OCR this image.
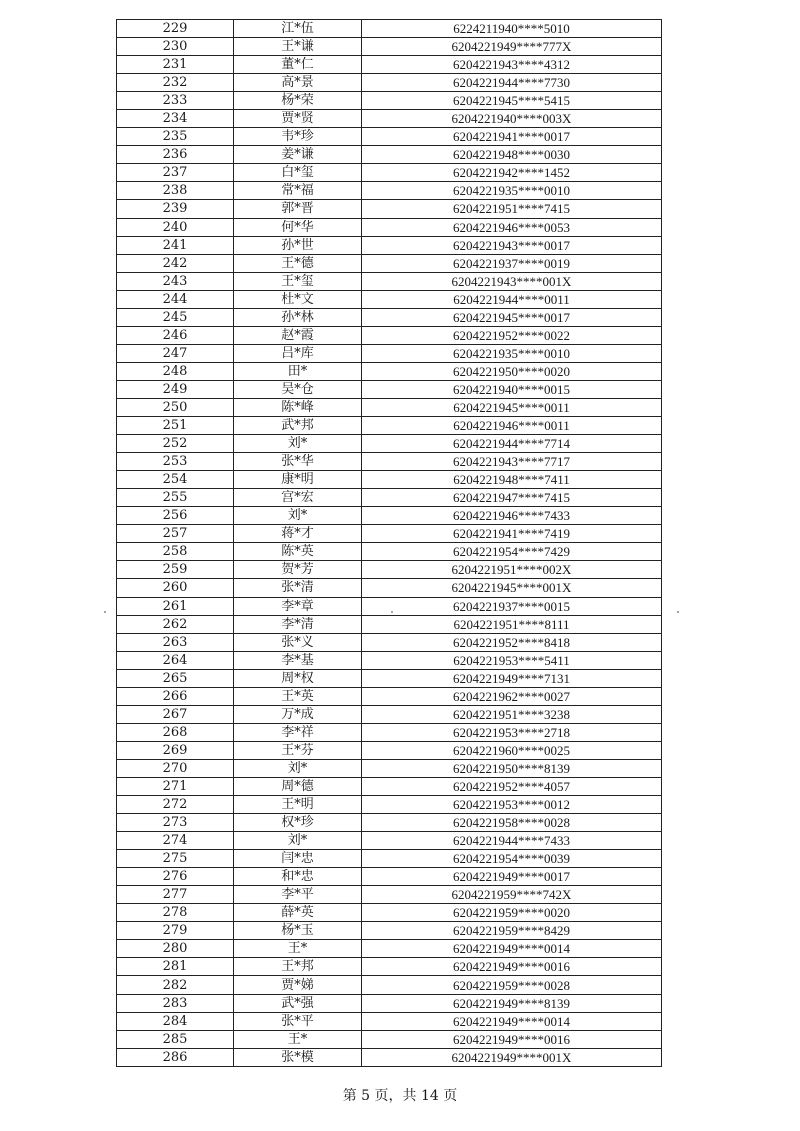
229	江*伍	6224211940****5010
230	王*谦	6204221949****777X
231	董*仁	6204221943****4312
232	高*景	6204221944****7730
233	杨*荣	6204221945****5415
234	贾*贤	6204221940****003X
235	韦*珍	6204221941****0017
236	姜*谦	6204221948****0030
237	白*玺	6204221942****1452
238	常*福	6204221935****0010
239	郭*晋	6204221951****7415
240	何*华	6204221946****0053
241	孙*世	6204221943****0017
242	王*德	6204221937****0019
243	王*玺	6204221943****001X
244	杜*文	6204221944****0011
245	孙*林	6204221945****0017
246	赵*霞	6204221952****0022
247	吕*库	6204221935****0010
248	田*	6204221950****0020
249	吴*仓	6204221940****0015
250	陈*峰	6204221945****0011
251	武*邦	6204221946****0011
252	刘*	6204221944****7714
253	张*华	6204221943****7717
254	康*明	6204221948****7411
255	宫*宏	6204221947****7415
256	刘*	6204221946****7433
257	蒋*才	6204221941****7419
258	陈*英	6204221954****7429
259	贺*芳	6204221951****002X
260	张*清	6204221945****001X
261	李*章	6204221937****0015
262	李*清	6204221951****8111
263	张*义	6204221952****8418
264	李*基	6204221953****5411
265	周*权	6204221949****7131
266	王*英	6204221962****0027
267	万*成	6204221951****3238
268	李*祥	6204221953****2718
269	王*芬	6204221960****0025
270	刘*	6204221950****8139
271	周*德	6204221952****4057
272	王*明	6204221953****0012
273	权*珍	6204221958****0028
274	刘*	6204221944****7433
275	闫*忠	6204221954****0039
276	和*忠	6204221949****0017
277	李*平	6204221959****742X
278	薛*英	6204221959****0020
279	杨*玉	6204221959****8429
280	王*	6204221949****0014
281	王*邦	6204221949****0016
282	贾*娣	6204221959****0028
283	武*强	6204221949****8139
284	张*平	6204221949****0014
285	王*	6204221949****0016
286	张*模	6204221949****001X
第 5 页，共 14 页
